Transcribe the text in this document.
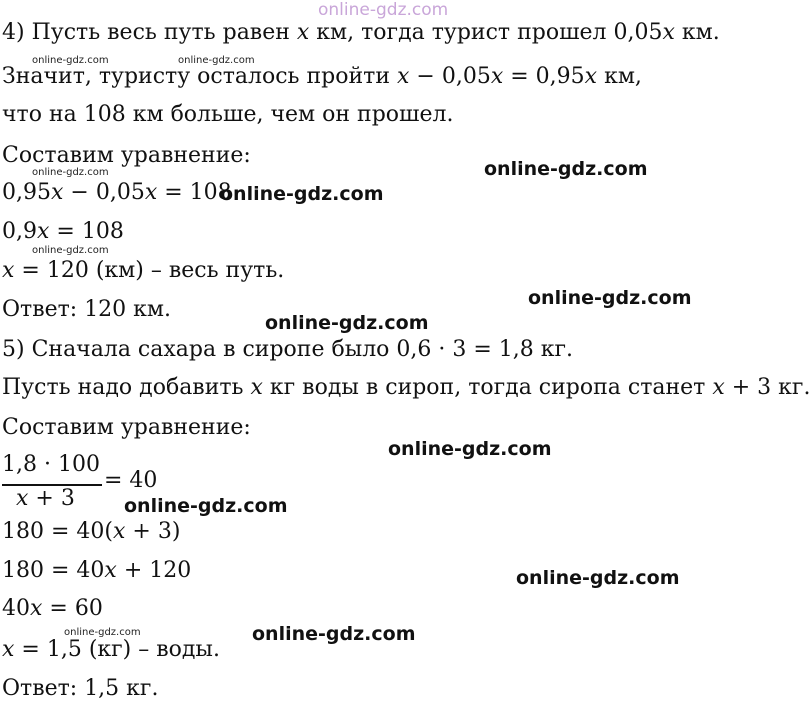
online-gdz.com
4) Пусть весь путь равен x км, тогда турист прошел 0,05x км.
online-gdz.com	online-gdz.com
Значит, туристу осталось пройти x − 0,05x = 0,95x км,
что на 108 км больше, чем он прошел.
Составим уравнение:
online-gdz.com
online-gdz.com
0,95x − 0,05x = 108
online-gdz.com
0,9x = 108
online-gdz.com
x = 120 (км) – весь путь.
online-gdz.com
Ответ: 120 км.
online-gdz.com
5) Сначала сахара в сиропе было 0,6 · 3 = 1,8 кг.
Пусть надо добавить x кг воды в сироп, тогда сиропа станет x + 3 кг.
Составим уравнение:
online-gdz.com
1,8 · 100
x + 3
= 40
online-gdz.com
180 = 40(x + 3)
180 = 40x + 120	online-gdz.com
40x = 60
online-gdz.com	online-gdz.com
x = 1,5 (кг) – воды.
Ответ: 1,5 кг.
